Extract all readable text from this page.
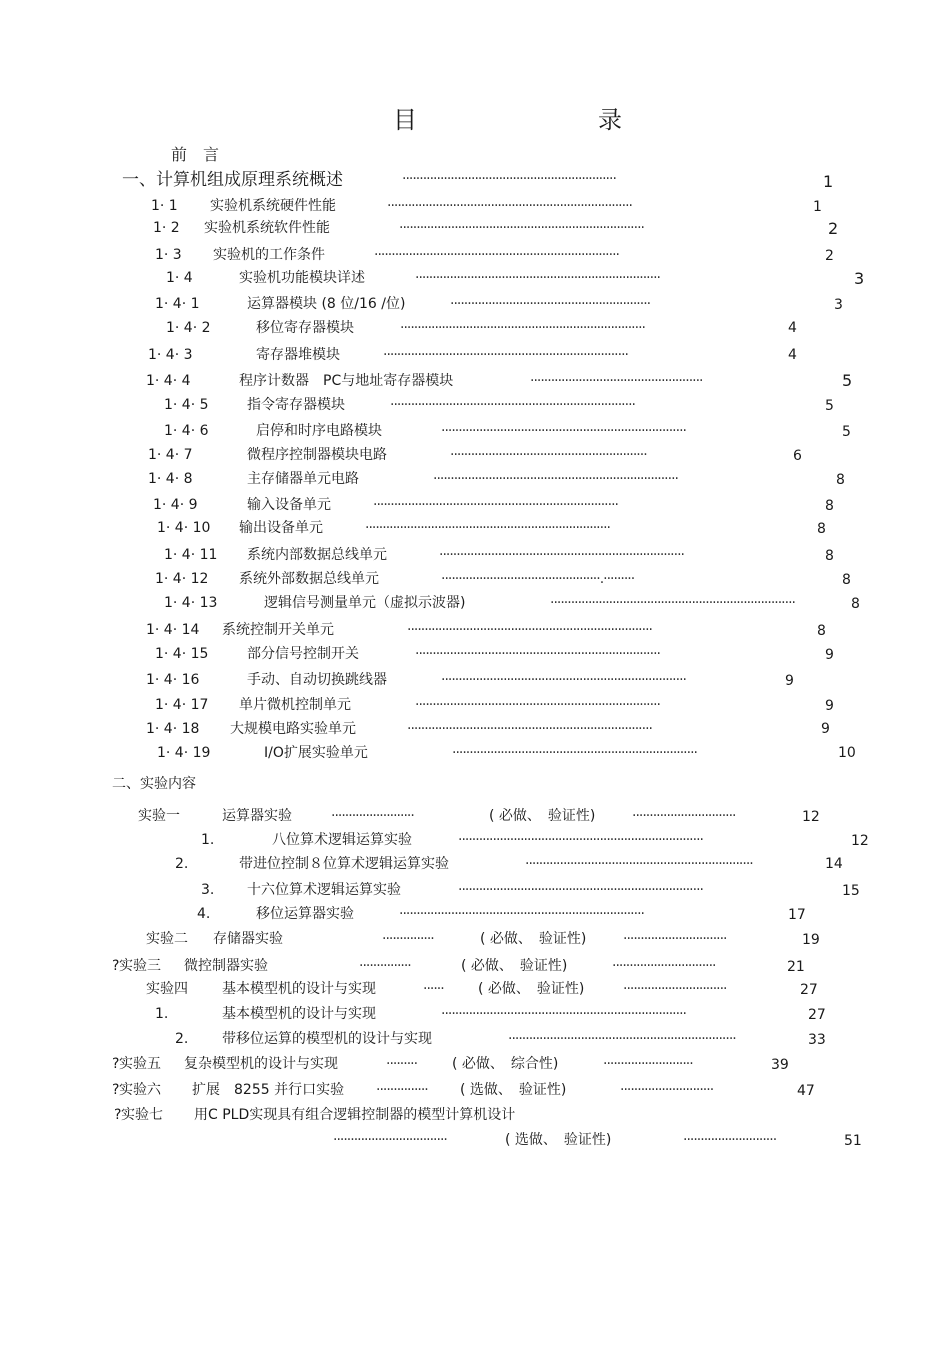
目	录
前　言
一、计算机组成原理系统概述	······························································	1
1· 1 实验机系统硬件性能	·······································································	1
1· 2 实验机系统软件性能	·······································································	2
1· 3 实验机的工作条件	·······································································	2
1· 4	实验机功能模块详述	·······································································	3
1· 4· 1	运算器模块 (8 位/16 /位)	··························································	3
1· 4· 2	移位寄存器模块	·······································································	4
1· 4· 3	寄存器堆模块	·······································································	4
1· 4· 4	程序计数器　PC与地址寄存器模块	··················································	5
1· 4· 5	指令寄存器模块	·······································································	5
1· 4· 6	启停和时序电路模块	·······································································	5
1· 4· 7	微程序控制器模块电路	·························································	6
1· 4· 8	主存储器单元电路	·······································································	8
1· 4· 9	输入设备单元	·······································································	8
1· 4· 10 输出设备单元	·······································································	8
1· 4· 11 系统内部数据总线单元	·······································································	8
1· 4· 12 系统外部数据总线单元	··············································.·········	8
1· 4· 13	逻辑信号测量单元（虚拟示波器)	·······································································	8
1· 4· 14 系统控制开关单元	·······································································	8
1· 4· 15	部分信号控制开关	·······································································	9
1· 4· 16	手动、自动切换跳线器	·······································································	9
1· 4· 17 单片微机控制单元	·······································································	9
1· 4· 18 大规模电路实验单元	·······································································	9
1· 4· 19	I/O扩展实验单元	·······································································	10
二、实验内容
实验一	运算器实验	························	( 必做、　验证性)	······························	12
1.	八位算术逻辑运算实验	·······································································	12
2.	带进位控制８位算术逻辑运算实验	··································································	14
3. 十六位算术逻辑运算实验	·······································································	15
4.	移位运算器实验	·······································································	17
实验二 存储器实验	···············	( 必做、　验证性)	······························	19
? 实验三 微控制器实验	···············	( 必做、　验证性)	······························	21
实验四 基本模型机的设计与实现	······	( 必做、　验证性)	······························	27
1.	基本模型机的设计与实现	·······································································	27
2. 带移位运算的模型机的设计与实现	··································································	33
? 实验五 复杂模型机的设计与实现	·········	( 必做、　综合性)	··························	39
? 实验六 扩展　8255 并行口实验 ···············	( 选做、　验证性)	···························	47
? 实验七 用C PLD实现具有组合逻辑控制器的模型计算机设计
·································	( 选做、　验证性)	···························	51
